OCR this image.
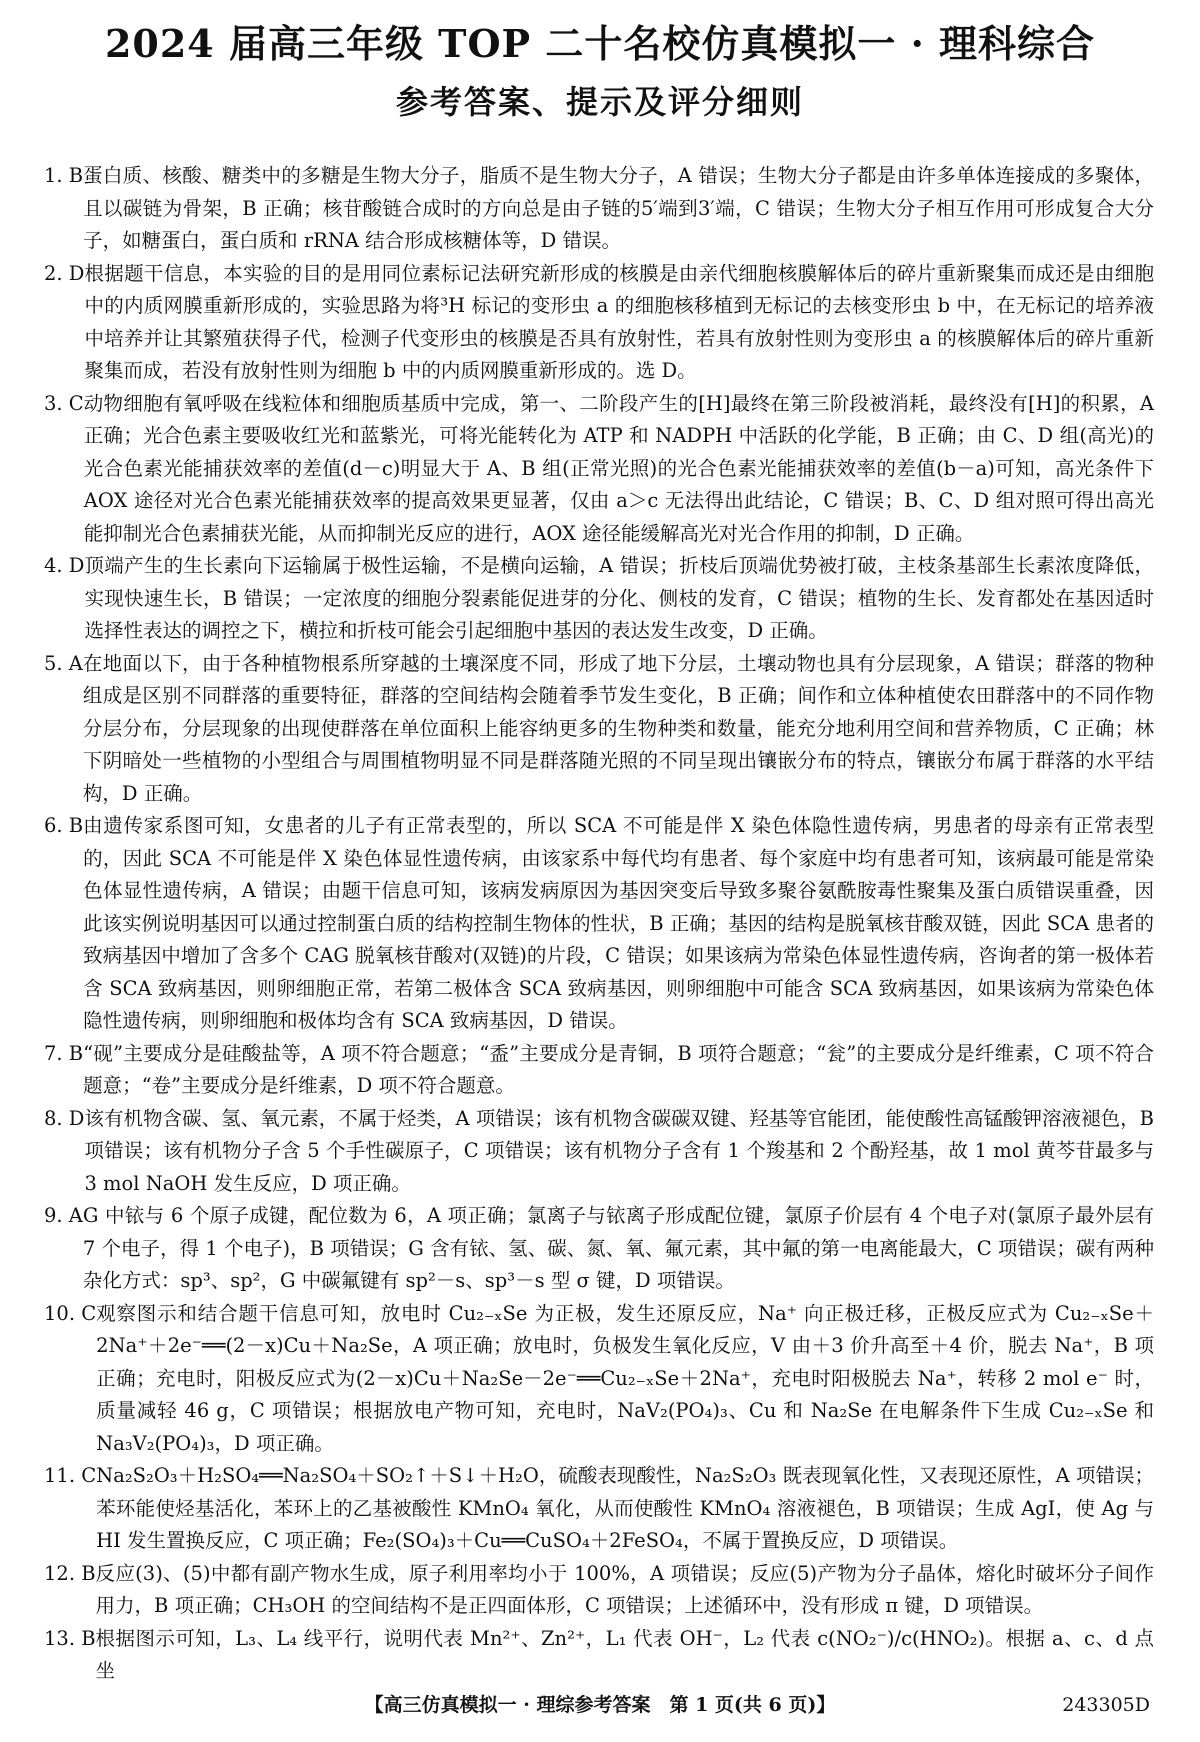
2024 届高三年级 TOP 二十名校仿真模拟一 · 理科综合
参考答案、提示及评分细则
1. B 蛋白质、核酸、糖类中的多糖是生物大分子，脂质不是生物大分子，A 错误；生物大分子都是由许多单体连接成的多聚体，且以碳链为骨架，B 正确；核苷酸链合成时的方向总是由子链的5′端到3′端，C 错误；生物大分子相互作用可形成复合大分子，如糖蛋白，蛋白质和 rRNA 结合形成核糖体等，D 错误。
2. D 根据题干信息，本实验的目的是用同位素标记法研究新形成的核膜是由亲代细胞核膜解体后的碎片重新聚集而成还是由细胞中的内质网膜重新形成的，实验思路为将³H 标记的变形虫 a 的细胞核移植到无标记的去核变形虫 b 中，在无标记的培养液中培养并让其繁殖获得子代，检测子代变形虫的核膜是否具有放射性，若具有放射性则为变形虫 a 的核膜解体后的碎片重新聚集而成，若没有放射性则为细胞 b 中的内质网膜重新形成的。选 D。
3. C 动物细胞有氧呼吸在线粒体和细胞质基质中完成，第一、二阶段产生的[H]最终在第三阶段被消耗，最终没有[H]的积累，A 正确；光合色素主要吸收红光和蓝紫光，可将光能转化为 ATP 和 NADPH 中活跃的化学能，B 正确；由 C、D 组(高光)的光合色素光能捕获效率的差值(d－c)明显大于 A、B 组(正常光照)的光合色素光能捕获效率的差值(b－a)可知，高光条件下 AOX 途径对光合色素光能捕获效率的提高效果更显著，仅由 a＞c 无法得出此结论，C 错误；B、C、D 组对照可得出高光能抑制光合色素捕获光能，从而抑制光反应的进行，AOX 途径能缓解高光对光合作用的抑制，D 正确。
4. D 顶端产生的生长素向下运输属于极性运输，不是横向运输，A 错误；折枝后顶端优势被打破，主枝条基部生长素浓度降低，实现快速生长，B 错误；一定浓度的细胞分裂素能促进芽的分化、侧枝的发育，C 错误；植物的生长、发育都处在基因适时选择性表达的调控之下，横拉和折枝可能会引起细胞中基因的表达发生改变，D 正确。
5. A 在地面以下，由于各种植物根系所穿越的土壤深度不同，形成了地下分层，土壤动物也具有分层现象，A 错误；群落的物种组成是区别不同群落的重要特征，群落的空间结构会随着季节发生变化，B 正确；间作和立体种植使农田群落中的不同作物分层分布，分层现象的出现使群落在单位面积上能容纳更多的生物种类和数量，能充分地利用空间和营养物质，C 正确；林下阴暗处一些植物的小型组合与周围植物明显不同是群落随光照的不同呈现出镶嵌分布的特点，镶嵌分布属于群落的水平结构，D 正确。
6. B 由遗传家系图可知，女患者的儿子有正常表型的，所以 SCA 不可能是伴 X 染色体隐性遗传病，男患者的母亲有正常表型的，因此 SCA 不可能是伴 X 染色体显性遗传病，由该家系中每代均有患者、每个家庭中均有患者可知，该病最可能是常染色体显性遗传病，A 错误；由题干信息可知，该病发病原因为基因突变后导致多聚谷氨酰胺毒性聚集及蛋白质错误重叠，因此该实例说明基因可以通过控制蛋白质的结构控制生物体的性状，B 正确；基因的结构是脱氧核苷酸双链，因此 SCA 患者的致病基因中增加了含多个 CAG 脱氧核苷酸对(双链)的片段，C 错误；如果该病为常染色体显性遗传病，咨询者的第一极体若含 SCA 致病基因，则卵细胞正常，若第二极体含 SCA 致病基因，则卵细胞中可能含 SCA 致病基因，如果该病为常染色体隐性遗传病，则卵细胞和极体均含有 SCA 致病基因，D 错误。
7. B “砚”主要成分是硅酸盐等，A 项不符合题意；“盉”主要成分是青铜，B 项符合题意；“瓮”的主要成分是纤维素，C 项不符合题意；“卷”主要成分是纤维素，D 项不符合题意。
8. D 该有机物含碳、氢、氧元素，不属于烃类，A 项错误；该有机物含碳碳双键、羟基等官能团，能使酸性高锰酸钾溶液褪色，B 项错误；该有机物分子含 5 个手性碳原子，C 项错误；该有机物分子含有 1 个羧基和 2 个酚羟基，故 1 mol 黄芩苷最多与 3 mol NaOH 发生反应，D 项正确。
9. A G 中铱与 6 个原子成键，配位数为 6，A 项正确；氯离子与铱离子形成配位键，氯原子价层有 4 个电子对(氯原子最外层有 7 个电子，得 1 个电子)，B 项错误；G 含有铱、氢、碳、氮、氧、氟元素，其中氟的第一电离能最大，C 项错误；碳有两种杂化方式：sp³、sp²，G 中碳氟键有 sp²－s、sp³－s 型 σ 键，D 项错误。
10. C 观察图示和结合题干信息可知，放电时 Cu₂₋ₓSe 为正极，发生还原反应，Na⁺ 向正极迁移，正极反应式为 Cu₂₋ₓSe＋2Na⁺＋2e⁻══(2－x)Cu＋Na₂Se，A 项正确；放电时，负极发生氧化反应，V 由＋3 价升高至＋4 价，脱去 Na⁺，B 项正确；充电时，阳极反应式为(2－x)Cu＋Na₂Se－2e⁻══Cu₂₋ₓSe＋2Na⁺，充电时阳极脱去 Na⁺，转移 2 mol e⁻ 时，质量减轻 46 g，C 项错误；根据放电产物可知，充电时，NaV₂(PO₄)₃、Cu 和 Na₂Se 在电解条件下生成 Cu₂₋ₓSe 和 Na₃V₂(PO₄)₃，D 项正确。
11. C Na₂S₂O₃＋H₂SO₄══Na₂SO₄＋SO₂↑＋S↓＋H₂O，硫酸表现酸性，Na₂S₂O₃ 既表现氧化性，又表现还原性，A 项错误；苯环能使烃基活化，苯环上的乙基被酸性 KMnO₄ 氧化，从而使酸性 KMnO₄ 溶液褪色，B 项错误；生成 AgI，使 Ag 与 HI 发生置换反应，C 项正确；Fe₂(SO₄)₃＋Cu══CuSO₄＋2FeSO₄，不属于置换反应，D 项错误。
12. B 反应(3)、(5)中都有副产物水生成，原子利用率均小于 100%，A 项错误；反应(5)产物为分子晶体，熔化时破坏分子间作用力，B 项正确；CH₃OH 的空间结构不是正四面体形，C 项错误；上述循环中，没有形成 π 键，D 项错误。
13. B 根据图示可知，L₃、L₄ 线平行，说明代表 Mn²⁺、Zn²⁺，L₁ 代表 OH⁻，L₂ 代表 c(NO₂⁻)/c(HNO₂)。根据 a、c、d 点坐
【高三仿真模拟一 · 理综参考答案　第 1 页(共 6 页)】	243305D
